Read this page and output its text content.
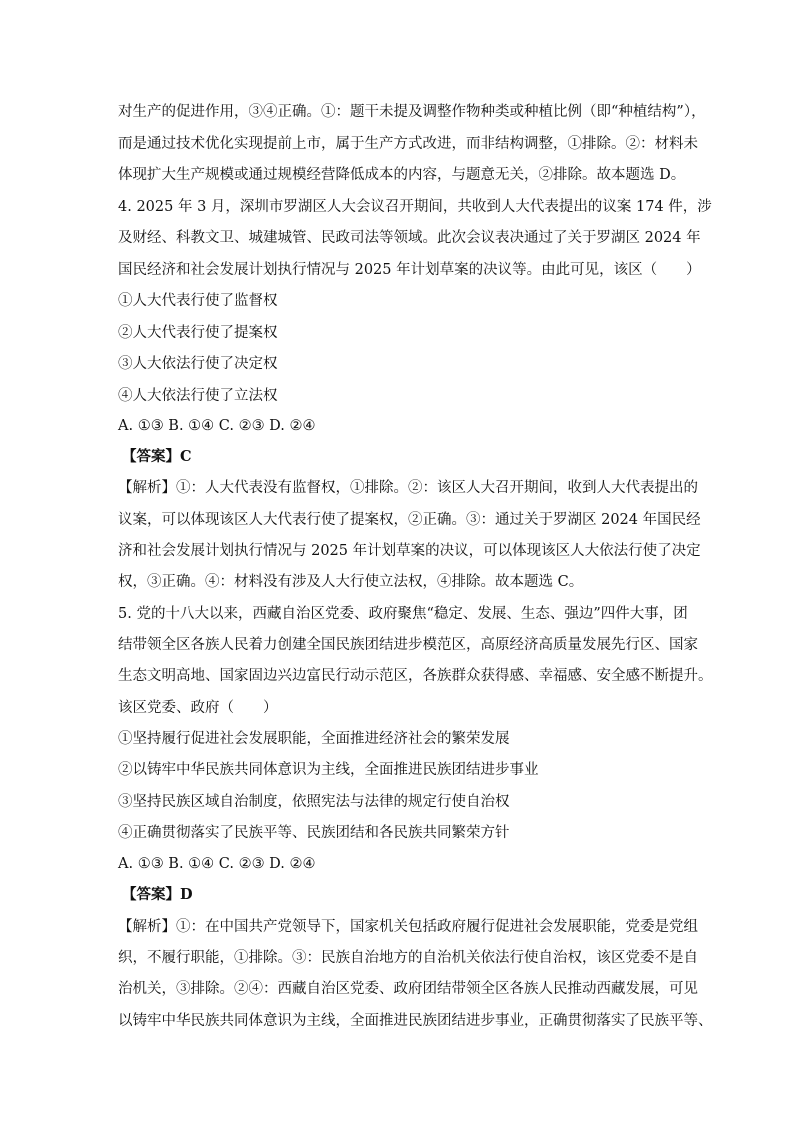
对生产的促进作用，③④正确。①：题干未提及调整作物种类或种植比例（即“种植结构”），
而是通过技术优化实现提前上市，属于生产方式改进，而非结构调整，①排除。②：材料未
体现扩大生产规模或通过规模经营降低成本的内容，与题意无关，②排除。故本题选 D。
4. 2025 年 3 月，深圳市罗湖区人大会议召开期间，共收到人大代表提出的议案 174 件，涉
及财经、科教文卫、城建城管、民政司法等领域。此次会议表决通过了关于罗湖区 2024 年
国民经济和社会发展计划执行情况与 2025 年计划草案的决议等。由此可见，该区（　　）
①人大代表行使了监督权
②人大代表行使了提案权
③人大依法行使了决定权
④人大依法行使了立法权
A. ①③ B. ①④ C. ②③ D. ②④
【答案】C
【解析】①：人大代表没有监督权，①排除。②：该区人大召开期间，收到人大代表提出的
议案，可以体现该区人大代表行使了提案权，②正确。③：通过关于罗湖区 2024 年国民经
济和社会发展计划执行情况与 2025 年计划草案的决议，可以体现该区人大依法行使了决定
权，③正确。④：材料没有涉及人大行使立法权，④排除。故本题选 C。
5. 党的十八大以来，西藏自治区党委、政府聚焦“稳定、发展、生态、强边”四件大事，团
结带领全区各族人民着力创建全国民族团结进步模范区，高原经济高质量发展先行区、国家
生态文明高地、国家固边兴边富民行动示范区，各族群众获得感、幸福感、安全感不断提升。
该区党委、政府（　　）
①坚持履行促进社会发展职能，全面推进经济社会的繁荣发展
②以铸牢中华民族共同体意识为主线，全面推进民族团结进步事业
③坚持民族区域自治制度，依照宪法与法律的规定行使自治权
④正确贯彻落实了民族平等、民族团结和各民族共同繁荣方针
A. ①③ B. ①④ C. ②③ D. ②④
【答案】D
【解析】①：在中国共产党领导下，国家机关包括政府履行促进社会发展职能，党委是党组
织，不履行职能，①排除。③：民族自治地方的自治机关依法行使自治权，该区党委不是自
治机关，③排除。②④：西藏自治区党委、政府团结带领全区各族人民推动西藏发展，可见
以铸牢中华民族共同体意识为主线，全面推进民族团结进步事业，正确贯彻落实了民族平等、
